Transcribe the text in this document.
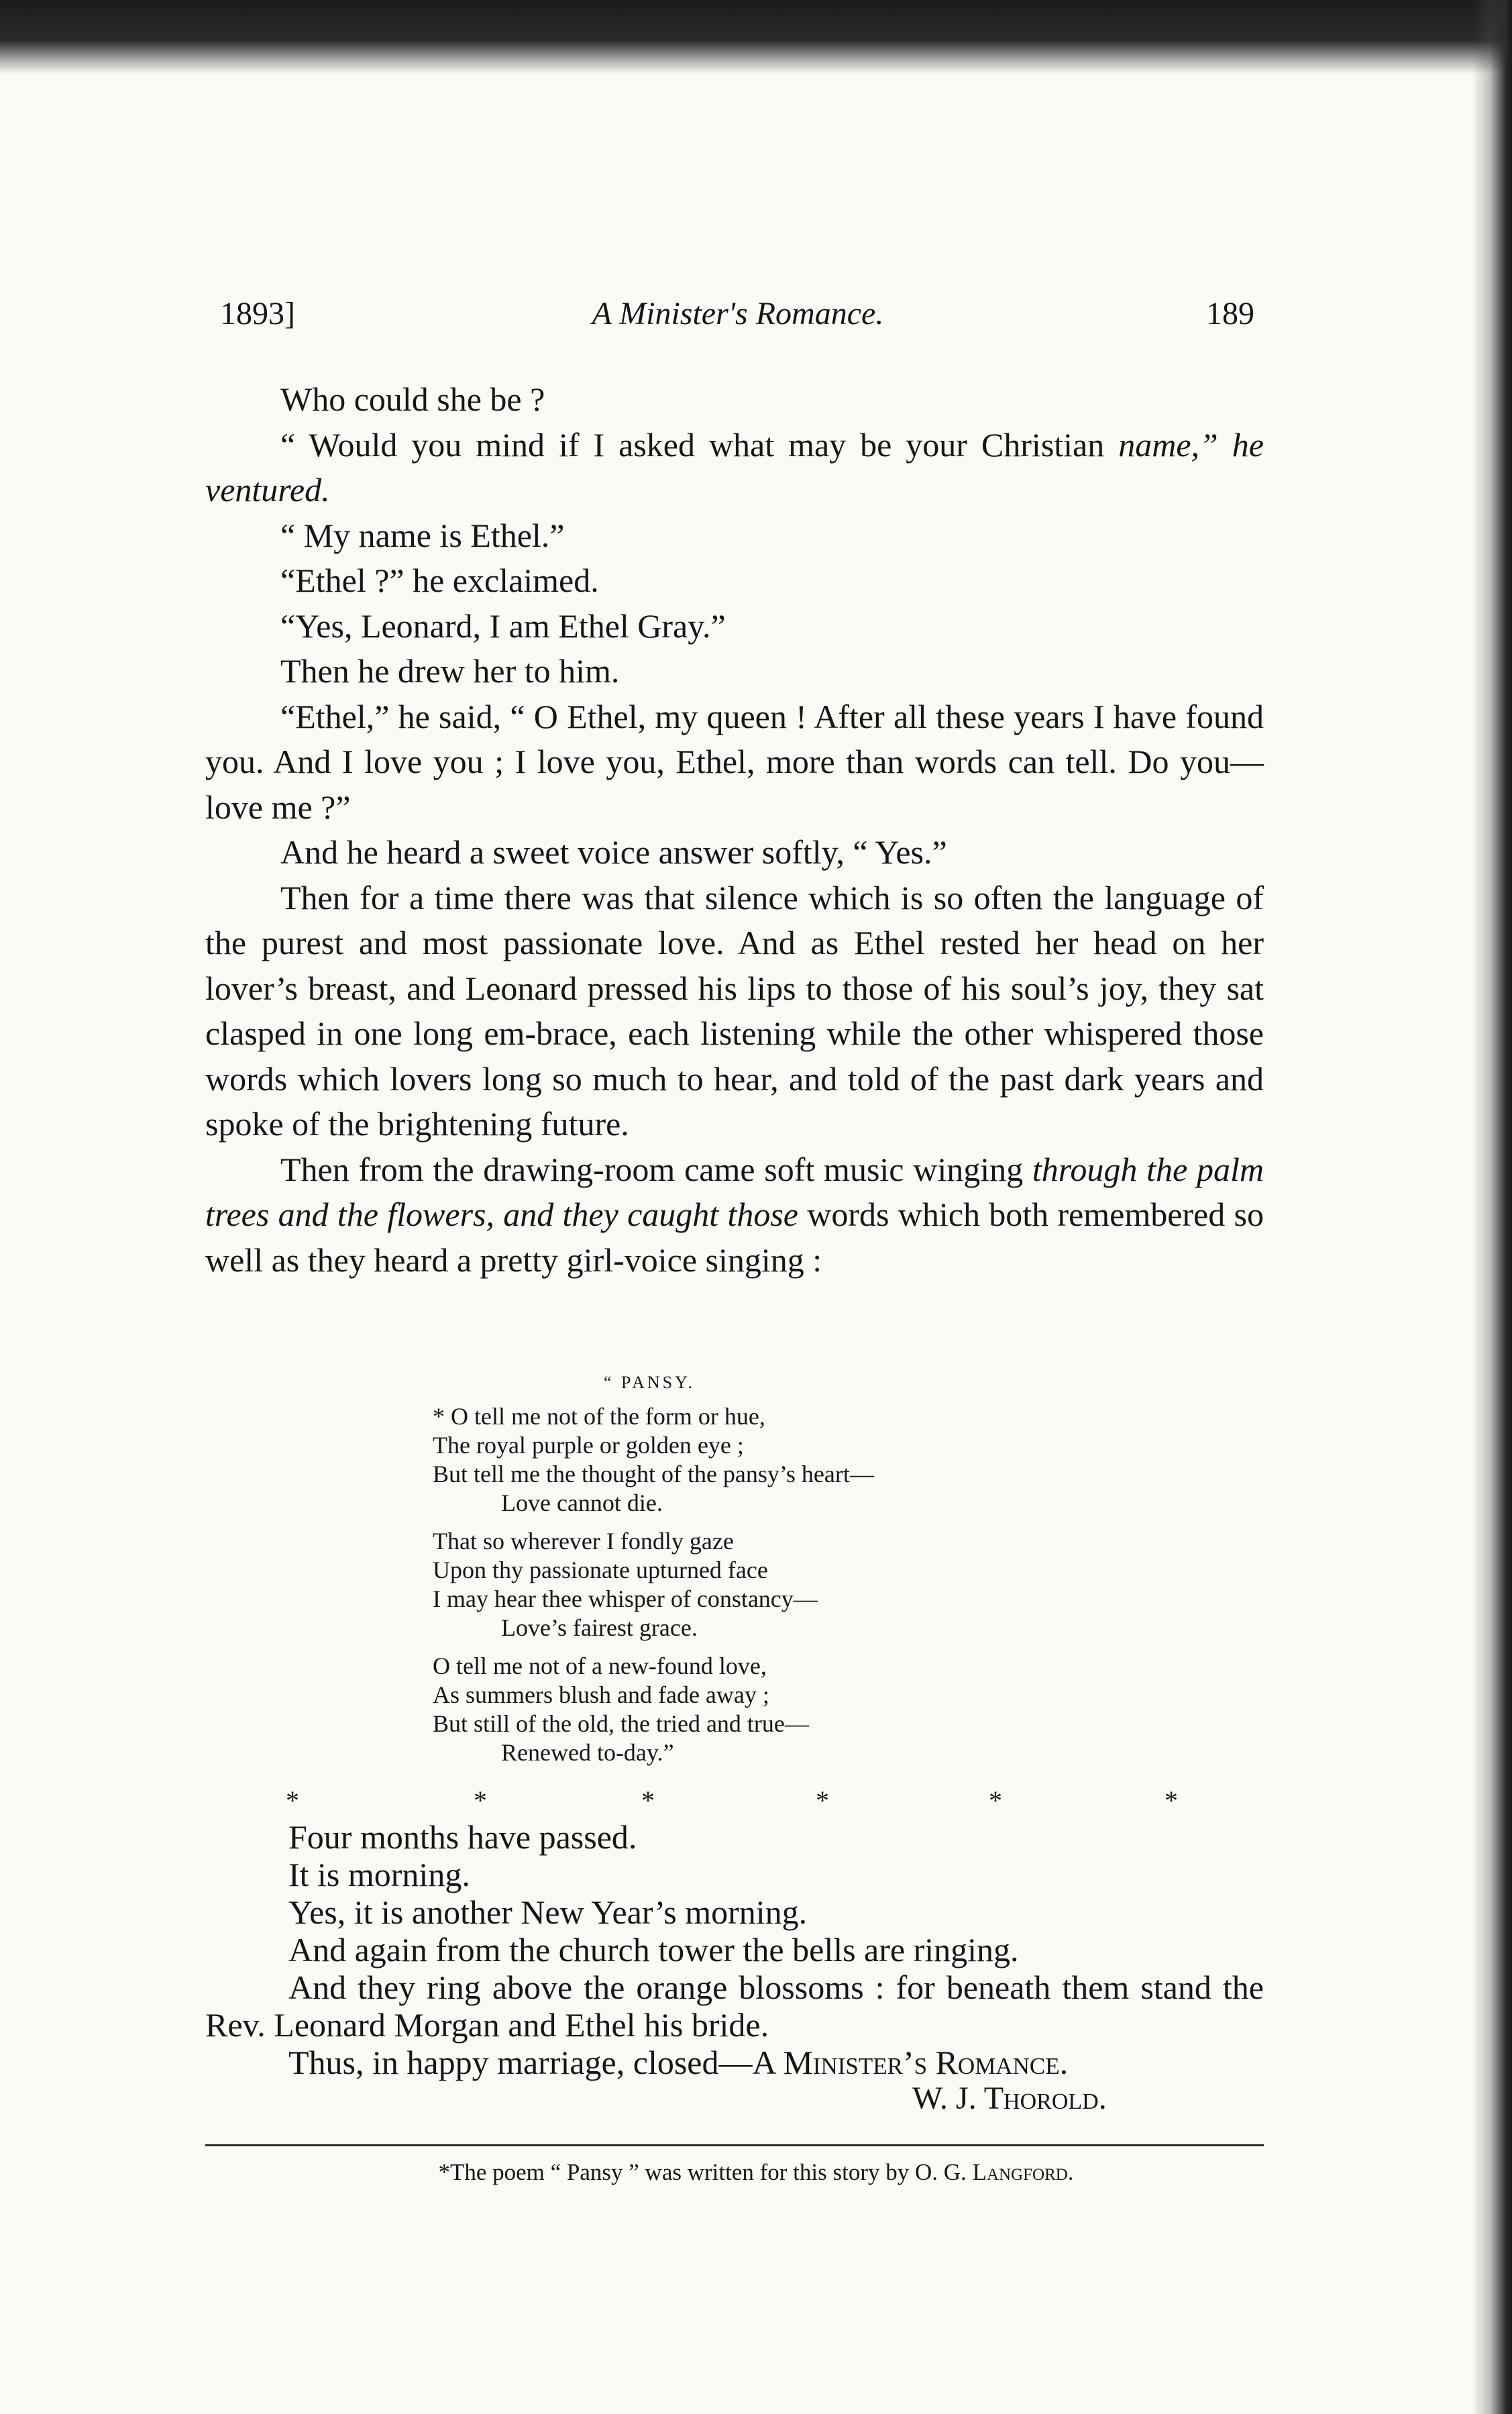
1893]	A Minister's Romance.	189

Who could she be ?

“ Would you mind if I asked what may be your Christian name,” he ventured.

“ My name is Ethel.”

“Ethel ?” he exclaimed.

“Yes, Leonard, I am Ethel Gray.”

Then he drew her to him.

“Ethel,” he said, “ O Ethel, my queen ! After all these years I have found you. And I love you ; I love you, Ethel, more than words can tell. Do you—love me ?”

And he heard a sweet voice answer softly, “ Yes.”

Then for a time there was that silence which is so often the language of the purest and most passionate love. And as Ethel rested her head on her lover’s breast, and Leonard pressed his lips to those of his soul’s joy, they sat clasped in one long em-brace, each listening while the other whispered those words which lovers long so much to hear, and told of the past dark years and spoke of the brightening future.

Then from the drawing-room came soft music winging through the palm trees and the flowers, and they caught those words which both remembered so well as they heard a pretty girl-voice singing :

“ PANSY.
* O tell me not of the form or hue,
The royal purple or golden eye ;
But tell me the thought of the pansy’s heart—
Love cannot die.
That so wherever I fondly gaze
Upon thy passionate upturned face
I may hear thee whisper of constancy—
Love’s fairest grace.
O tell me not of a new-found love,
As summers blush and fade away ;
But still of the old, the tried and true—
Renewed to-day.”
*	*	*	*	*	*

Four months have passed.

It is morning.

Yes, it is another New Year’s morning.

And again from the church tower the bells are ringing.

And they ring above the orange blossoms : for beneath them stand the Rev. Leonard Morgan and Ethel his bride.

Thus, in happy marriage, closed—A Minister’s Romance.

W. J. Thorold.
*The poem “ Pansy ” was written for this story by O. G. Langford.
